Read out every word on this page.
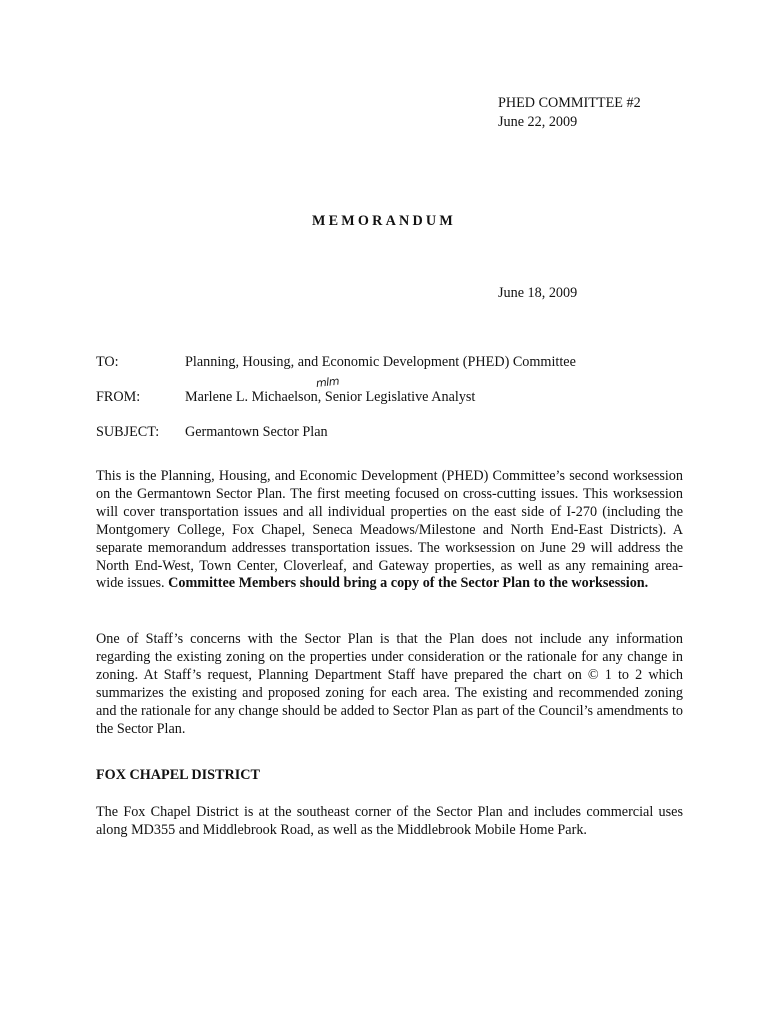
PHED COMMITTEE #2
June 22, 2009
MEMORANDUM
June 18, 2009
TO:	Planning, Housing, and Economic Development (PHED) Committee
mlm
FROM:	Marlene L. Michaelson, Senior Legislative Analyst
SUBJECT: Germantown Sector Plan

This is the Planning, Housing, and Economic Development (PHED) Committee’s second worksession on the Germantown Sector Plan. The first meeting focused on cross-cutting issues. This worksession will cover transportation issues and all individual properties on the east side of I-270 (including the Montgomery College, Fox Chapel, Seneca Meadows/Milestone and North End-East Districts). A separate memorandum addresses transportation issues. The worksession on June 29 will address the North End-West, Town Center, Cloverleaf, and Gateway properties, as well as any remaining area-wide issues. Committee Members should bring a copy of the Sector Plan to the worksession.

One of Staff’s concerns with the Sector Plan is that the Plan does not include any information regarding the existing zoning on the properties under consideration or the rationale for any change in zoning. At Staff’s request, Planning Department Staff have prepared the chart on © 1 to 2 which summarizes the existing and proposed zoning for each area. The existing and recommended zoning and the rationale for any change should be added to Sector Plan as part of the Council’s amendments to the Sector Plan.

FOX CHAPEL DISTRICT

The Fox Chapel District is at the southeast corner of the Sector Plan and includes commercial uses along MD355 and Middlebrook Road, as well as the Middlebrook Mobile Home Park.
